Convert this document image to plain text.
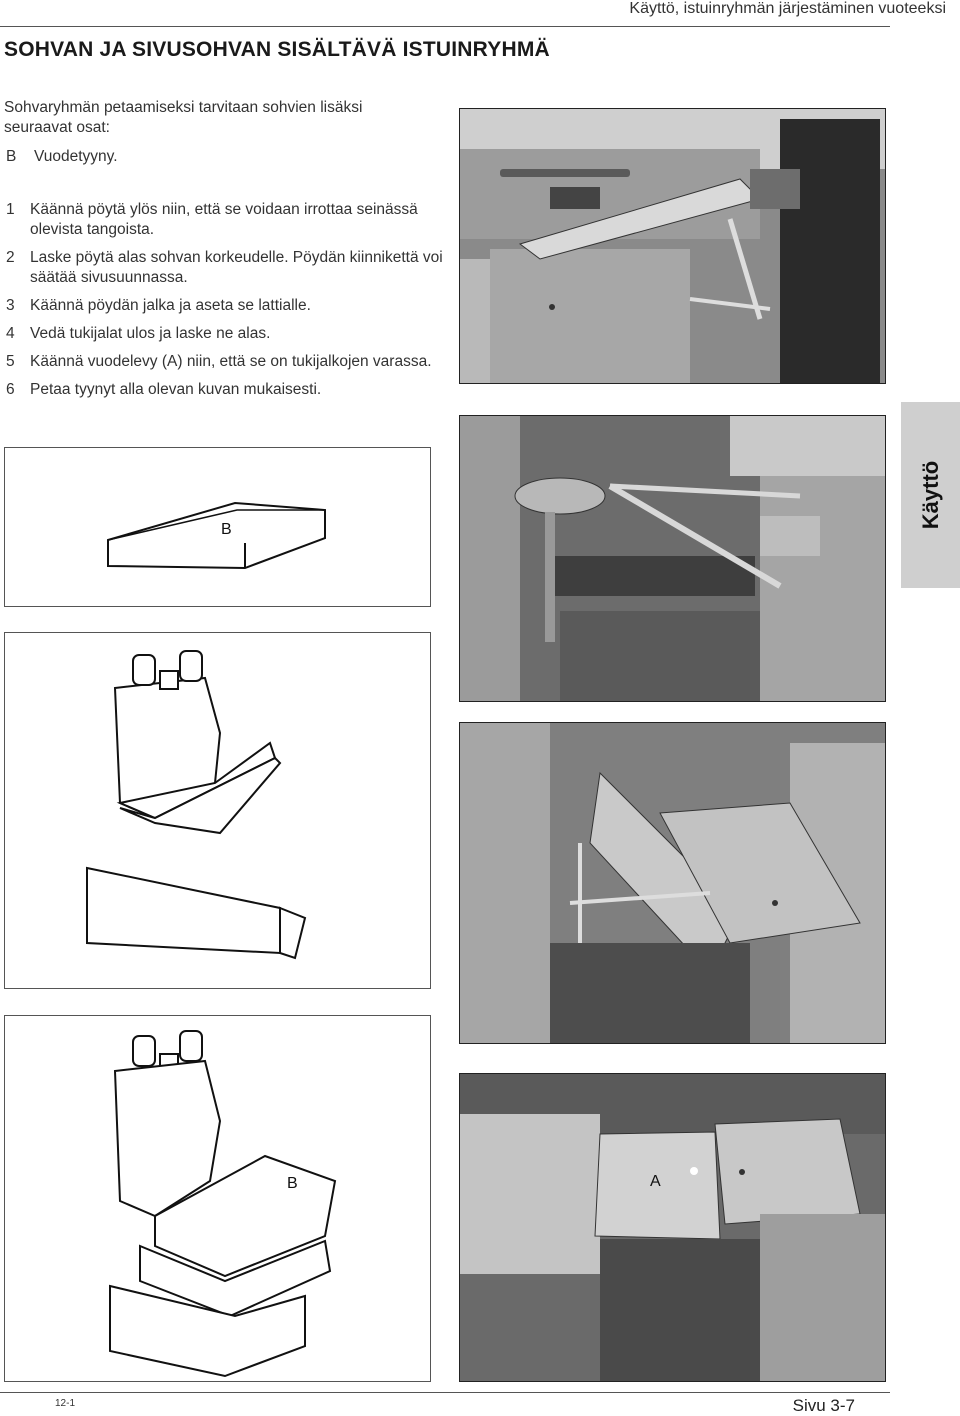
Käyttö, istuinryhmän järjestäminen vuoteeksi
SOHVAN JA SIVUSOHVAN SISÄLTÄVÄ ISTUINRYHMÄ
Sohvaryhmän petaamiseksi tarvitaan sohvien lisäksi seuraavat osat:
B Vuodetyyny.
1 Käännä pöytä ylös niin, että se voidaan irrottaa seinässä olevista tangoista.
2 Laske pöytä alas sohvan korkeudelle. Pöydän kiinnikettä voi säätää sivusuunnassa.
3 Käännä pöydän jalka ja aseta se lattialle.
4 Vedä tukijalat ulos ja laske ne alas.
5 Käännä vuodelevy (A) niin, että se on tukijalkojen varassa.
6 Petaa tyynyt alla olevan kuvan mukaisesti.
Käyttö
B
B	A
12-1	Sivu 3-7
